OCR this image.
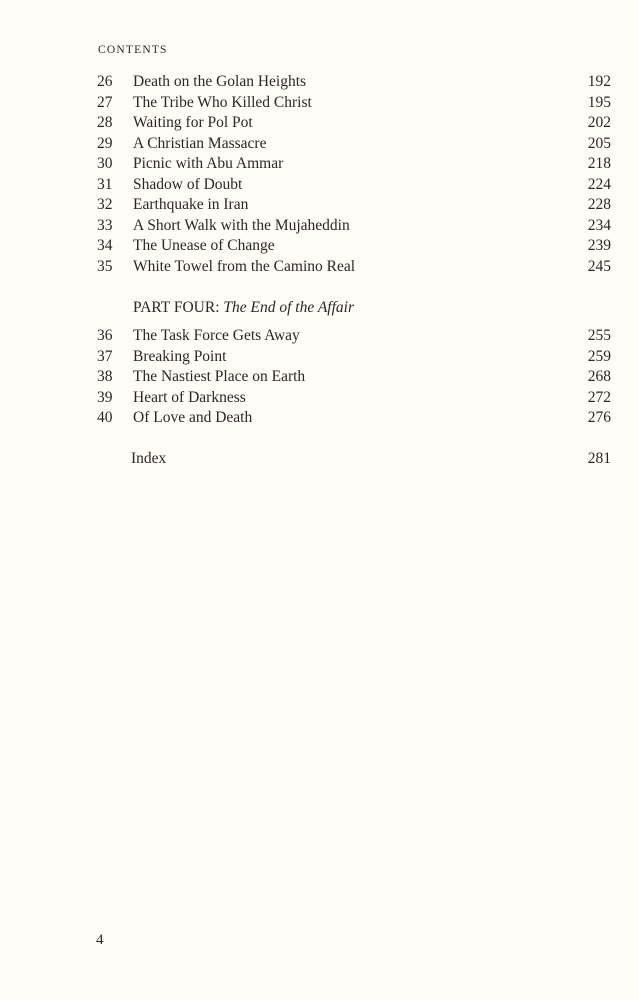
CONTENTS
26	Death on the Golan Heights	192
27	The Tribe Who Killed Christ	195
28	Waiting for Pol Pot	202
29	A Christian Massacre	205
30	Picnic with Abu Ammar	218
31	Shadow of Doubt	224
32	Earthquake in Iran	228
33	A Short Walk with the Mujaheddin	234
34	The Unease of Change	239
35	White Towel from the Camino Real	245
PART FOUR: The End of the Affair
36	The Task Force Gets Away	255
37	Breaking Point	259
38	The Nastiest Place on Earth	268
39	Heart of Darkness	272
40	Of Love and Death	276
Index	281
4
